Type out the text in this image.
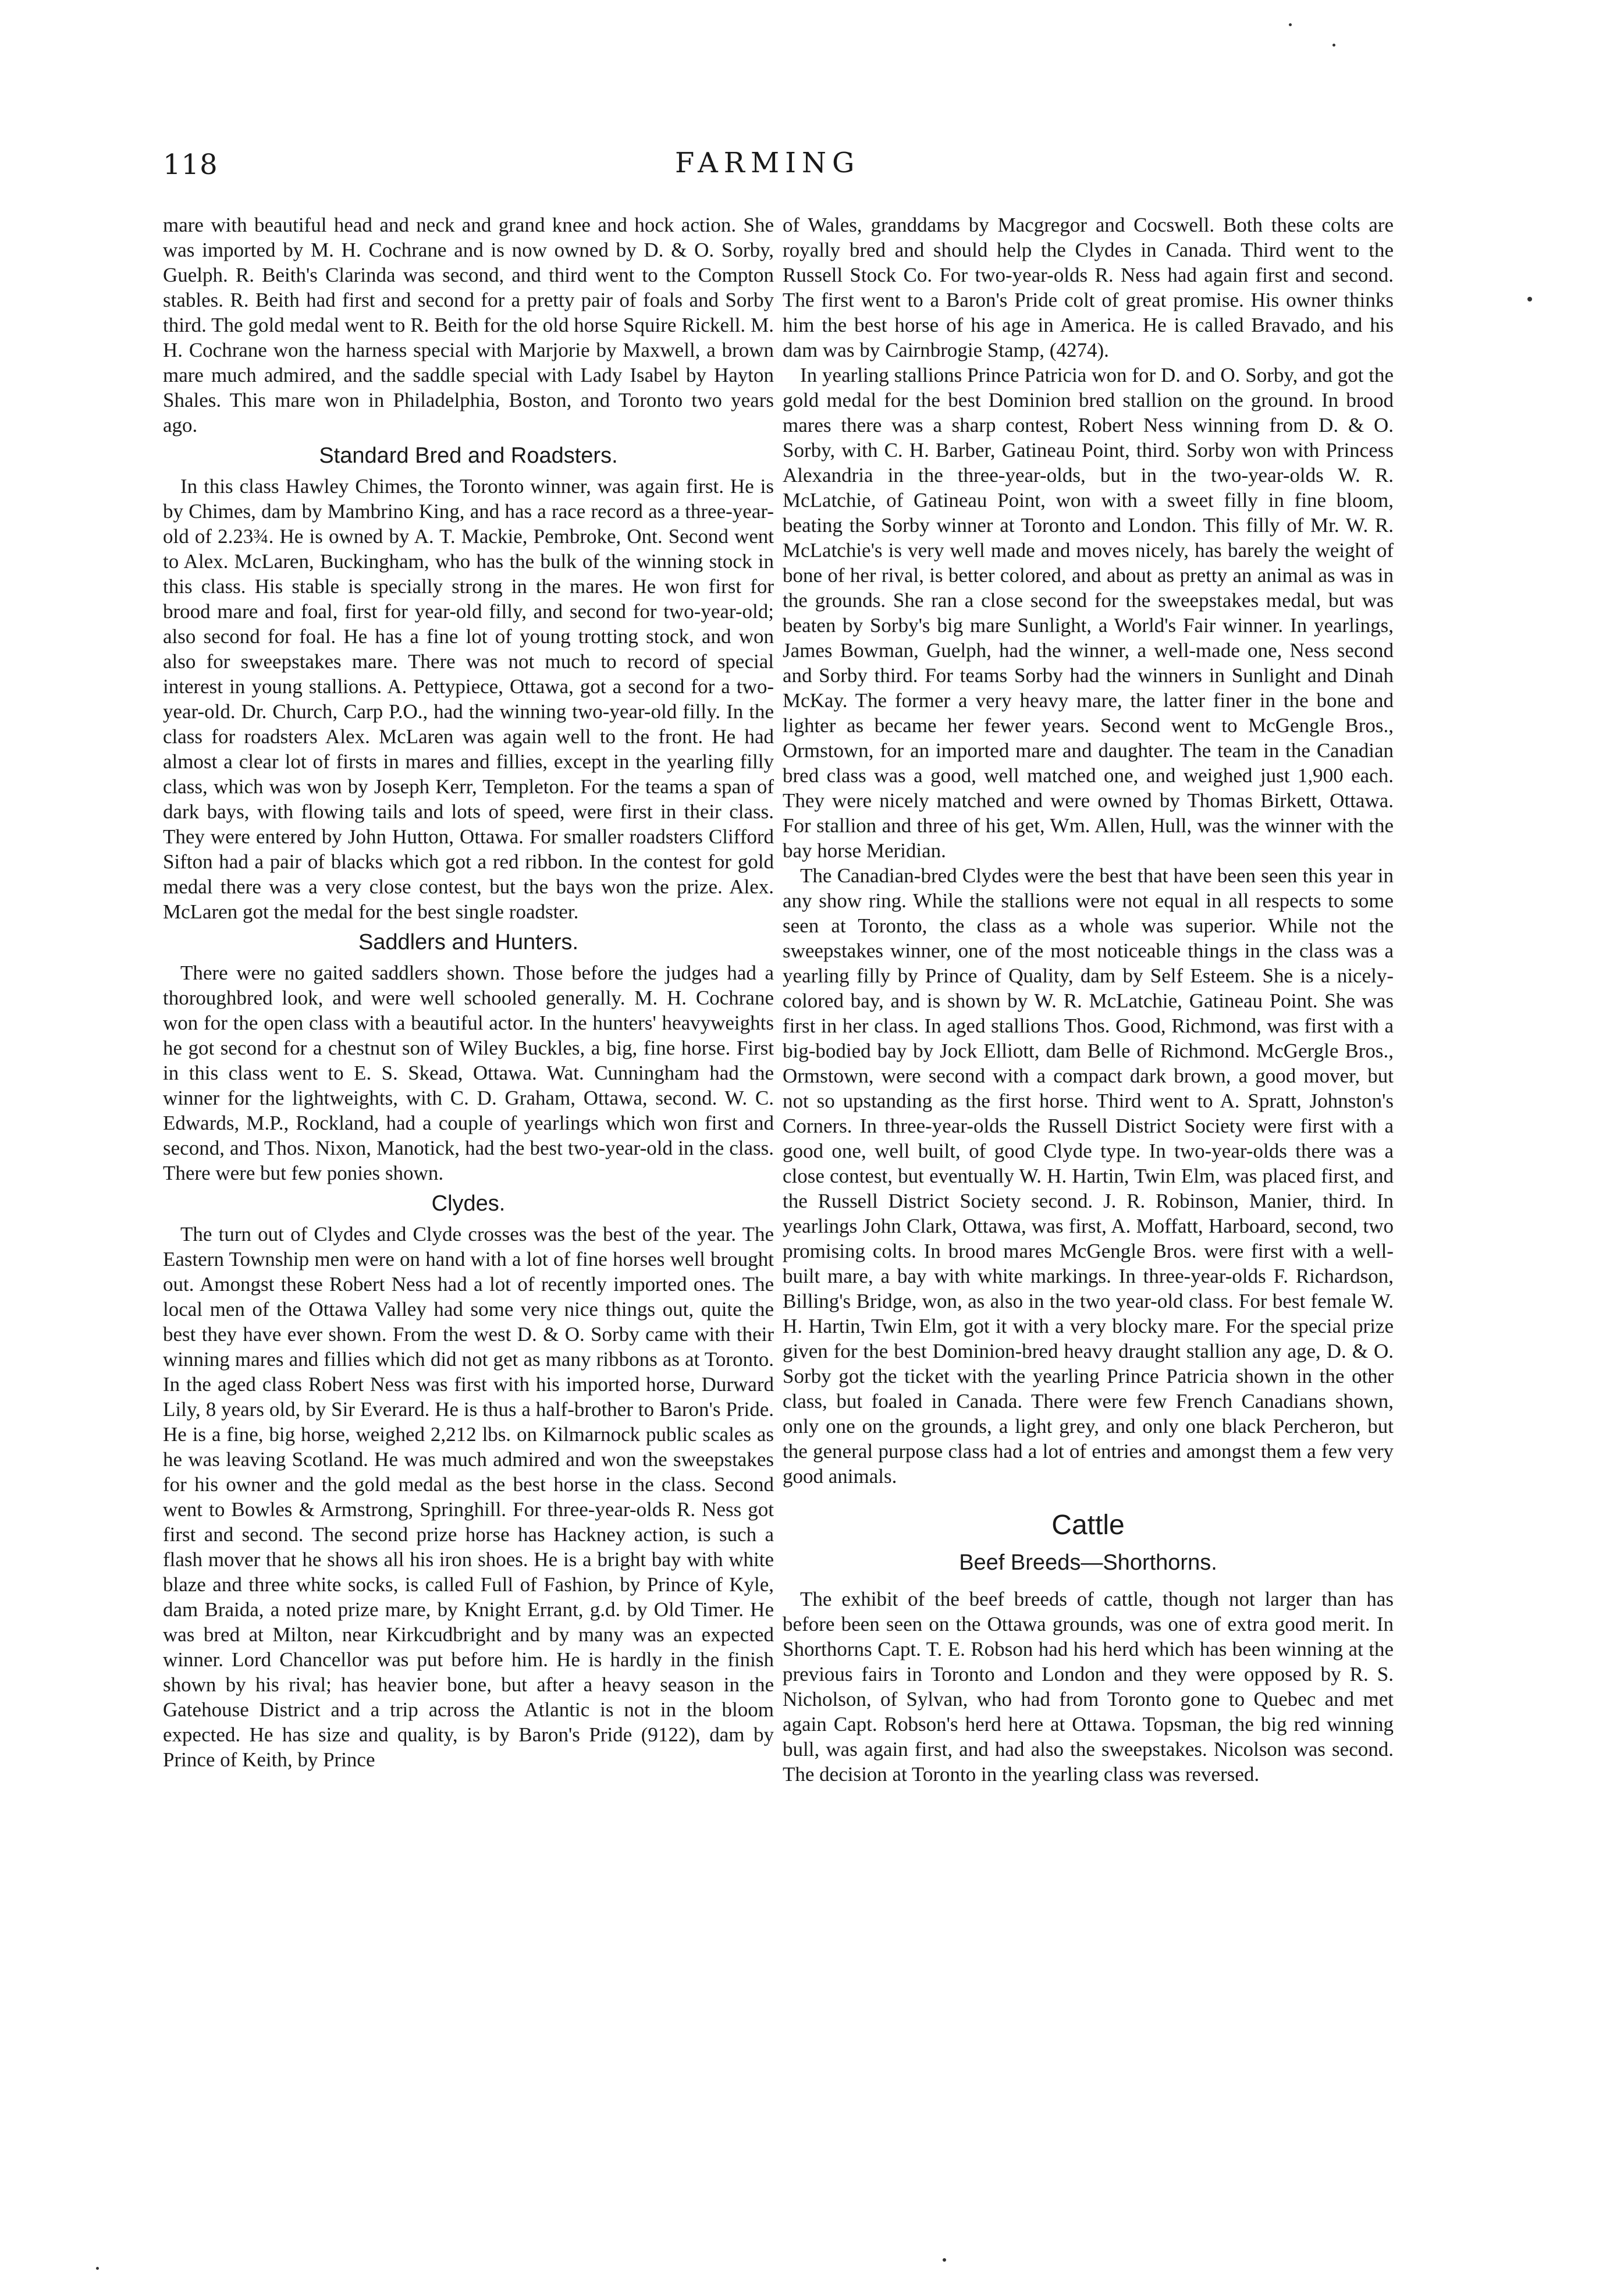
118	FARMING

mare with beautiful head and neck and grand knee and hock action. She was imported by M. H. Cochrane and is now owned by D. & O. Sorby, Guelph. R. Beith's Clarinda was second, and third went to the Compton stables. R. Beith had first and second for a pretty pair of foals and Sorby third. The gold medal went to R. Beith for the old horse Squire Rickell. M. H. Cochrane won the harness special with Marjorie by Maxwell, a brown mare much admired, and the saddle special with Lady Isabel by Hayton Shales. This mare won in Philadelphia, Boston, and Toronto two years ago.

Standard Bred and Roadsters.

In this class Hawley Chimes, the Toronto winner, was again first. He is by Chimes, dam by Mambrino King, and has a race record as a three-year-old of 2.23¾. He is owned by A. T. Mackie, Pembroke, Ont. Second went to Alex. McLaren, Buckingham, who has the bulk of the winning stock in this class. His stable is specially strong in the mares. He won first for brood mare and foal, first for year-old filly, and second for two-year-old; also second for foal. He has a fine lot of young trotting stock, and won also for sweepstakes mare. There was not much to record of special interest in young stallions. A. Pettypiece, Ottawa, got a second for a two-year-old. Dr. Church, Carp P.O., had the winning two-year-old filly. In the class for roadsters Alex. McLaren was again well to the front. He had almost a clear lot of firsts in mares and fillies, except in the yearling filly class, which was won by Joseph Kerr, Templeton. For the teams a span of dark bays, with flowing tails and lots of speed, were first in their class. They were entered by John Hutton, Ottawa. For smaller roadsters Clifford Sifton had a pair of blacks which got a red ribbon. In the contest for gold medal there was a very close contest, but the bays won the prize. Alex. McLaren got the medal for the best single roadster.

Saddlers and Hunters.

There were no gaited saddlers shown. Those before the judges had a thoroughbred look, and were well schooled generally. M. H. Cochrane won for the open class with a beautiful actor. In the hunters' heavyweights he got second for a chestnut son of Wiley Buckles, a big, fine horse. First in this class went to E. S. Skead, Ottawa. Wat. Cunningham had the winner for the lightweights, with C. D. Graham, Ottawa, second. W. C. Edwards, M.P., Rockland, had a couple of yearlings which won first and second, and Thos. Nixon, Manotick, had the best two-year-old in the class. There were but few ponies shown.

Clydes.

The turn out of Clydes and Clyde crosses was the best of the year. The Eastern Township men were on hand with a lot of fine horses well brought out. Amongst these Robert Ness had a lot of recently imported ones. The local men of the Ottawa Valley had some very nice things out, quite the best they have ever shown. From the west D. & O. Sorby came with their winning mares and fillies which did not get as many ribbons as at Toronto. In the aged class Robert Ness was first with his imported horse, Durward Lily, 8 years old, by Sir Everard. He is thus a half-brother to Baron's Pride. He is a fine, big horse, weighed 2,212 lbs. on Kilmarnock public scales as he was leaving Scotland. He was much admired and won the sweepstakes for his owner and the gold medal as the best horse in the class. Second went to Bowles & Armstrong, Springhill. For three-year-olds R. Ness got first and second. The second prize horse has Hackney action, is such a flash mover that he shows all his iron shoes. He is a bright bay with white blaze and three white socks, is called Full of Fashion, by Prince of Kyle, dam Braida, a noted prize mare, by Knight Errant, g.d. by Old Timer. He was bred at Milton, near Kirkcudbright and by many was an expected winner. Lord Chancellor was put before him. He is hardly in the finish shown by his rival; has heavier bone, but after a heavy season in the Gatehouse District and a trip across the Atlantic is not in the bloom expected. He has size and quality, is by Baron's Pride (9122), dam by Prince of Keith, by Prince

of Wales, granddams by Macgregor and Cocswell. Both these colts are royally bred and should help the Clydes in Canada. Third went to the Russell Stock Co. For two-year-olds R. Ness had again first and second. The first went to a Baron's Pride colt of great promise. His owner thinks him the best horse of his age in America. He is called Bravado, and his dam was by Cairnbrogie Stamp, (4274).

In yearling stallions Prince Patricia won for D. and O. Sorby, and got the gold medal for the best Dominion bred stallion on the ground. In brood mares there was a sharp contest, Robert Ness winning from D. & O. Sorby, with C. H. Barber, Gatineau Point, third. Sorby won with Princess Alexandria in the three-year-olds, but in the two-year-olds W. R. McLatchie, of Gatineau Point, won with a sweet filly in fine bloom, beating the Sorby winner at Toronto and London. This filly of Mr. W. R. McLatchie's is very well made and moves nicely, has barely the weight of bone of her rival, is better colored, and about as pretty an animal as was in the grounds. She ran a close second for the sweepstakes medal, but was beaten by Sorby's big mare Sunlight, a World's Fair winner. In yearlings, James Bowman, Guelph, had the winner, a well-made one, Ness second and Sorby third. For teams Sorby had the winners in Sunlight and Dinah McKay. The former a very heavy mare, the latter finer in the bone and lighter as became her fewer years. Second went to McGengle Bros., Ormstown, for an imported mare and daughter. The team in the Canadian bred class was a good, well matched one, and weighed just 1,900 each. They were nicely matched and were owned by Thomas Birkett, Ottawa. For stallion and three of his get, Wm. Allen, Hull, was the winner with the bay horse Meridian.

The Canadian-bred Clydes were the best that have been seen this year in any show ring. While the stallions were not equal in all respects to some seen at Toronto, the class as a whole was superior. While not the sweepstakes winner, one of the most noticeable things in the class was a yearling filly by Prince of Quality, dam by Self Esteem. She is a nicely-colored bay, and is shown by W. R. McLatchie, Gatineau Point. She was first in her class. In aged stallions Thos. Good, Richmond, was first with a big-bodied bay by Jock Elliott, dam Belle of Richmond. McGergle Bros., Ormstown, were second with a compact dark brown, a good mover, but not so upstanding as the first horse. Third went to A. Spratt, Johnston's Corners. In three-year-olds the Russell District Society were first with a good one, well built, of good Clyde type. In two-year-olds there was a close contest, but eventually W. H. Hartin, Twin Elm, was placed first, and the Russell District Society second. J. R. Robinson, Manier, third. In yearlings John Clark, Ottawa, was first, A. Moffatt, Harboard, second, two promising colts. In brood mares McGengle Bros. were first with a well-built mare, a bay with white markings. In three-year-olds F. Richardson, Billing's Bridge, won, as also in the two year-old class. For best female W. H. Hartin, Twin Elm, got it with a very blocky mare. For the special prize given for the best Dominion-bred heavy draught stallion any age, D. & O. Sorby got the ticket with the yearling Prince Patricia shown in the other class, but foaled in Canada. There were few French Canadians shown, only one on the grounds, a light grey, and only one black Percheron, but the general purpose class had a lot of entries and amongst them a few very good animals.

Cattle
Beef Breeds—Shorthorns.

The exhibit of the beef breeds of cattle, though not larger than has before been seen on the Ottawa grounds, was one of extra good merit. In Shorthorns Capt. T. E. Robson had his herd which has been winning at the previous fairs in Toronto and London and they were opposed by R. S. Nicholson, of Sylvan, who had from Toronto gone to Quebec and met again Capt. Robson's herd here at Ottawa. Topsman, the big red winning bull, was again first, and had also the sweepstakes. Nicolson was second. The decision at Toronto in the yearling class was reversed.
